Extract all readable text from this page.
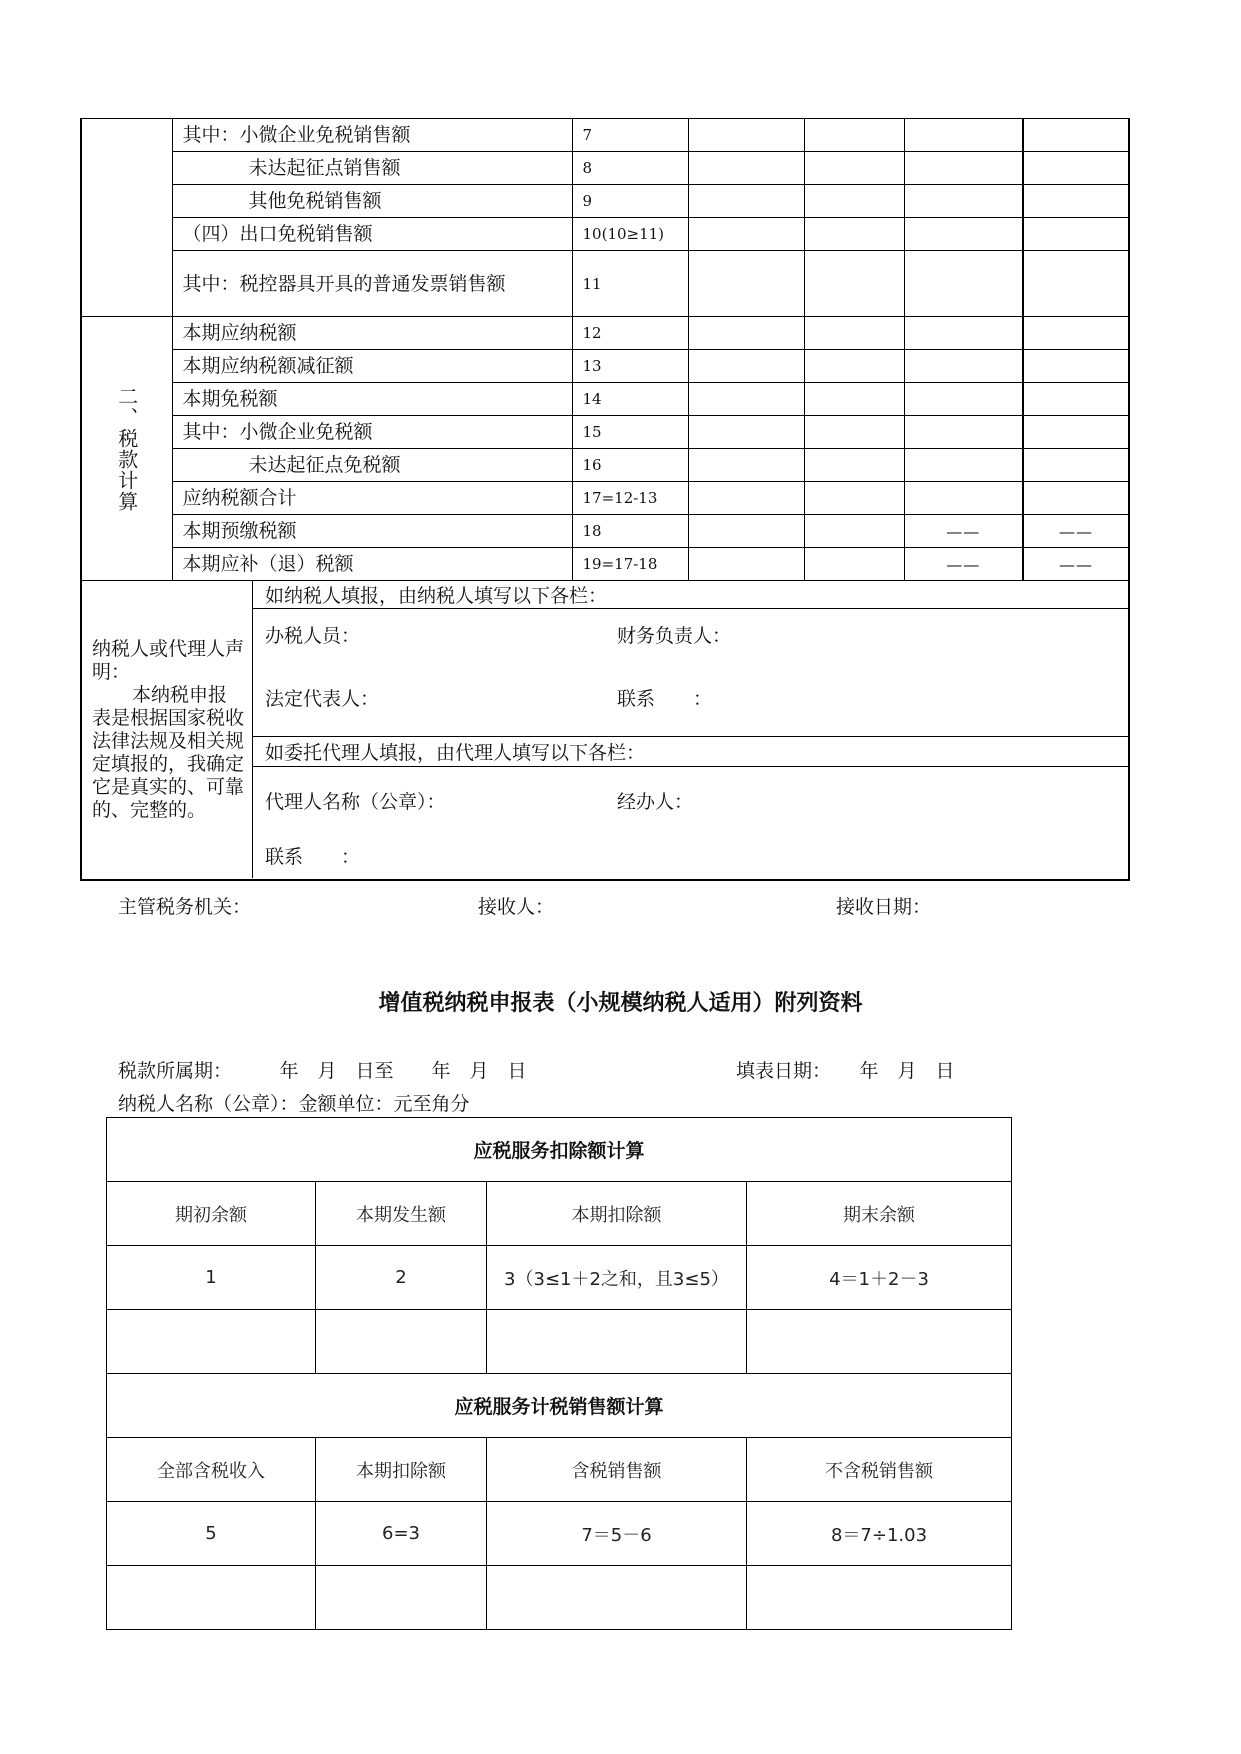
	其中：小微企业免税销售额	7				
未达起征点销售额	8				
其他免税销售额	9				
（四）出口免税销售额	10(10≥11)				

其中： 税控器具开具的普通发票销售额	11				

二、税款计算
	本期应纳税额	12				
本期应纳税额减征额	13				
本期免税额	14				
其中：小微企业免税额	15				
未达起征点免税额	16				
应纳税额合计	17=12-13				
本期预缴税额	18			——	——
本期应补（退）税额	19=17-18			——	——

纳税人或代理人声明：
本纳税申报表是根据国家税收法律法规及相关规定填报的，我确定它是真实的、可靠的、完整的。
如纳税人填报，由纳税人填写以下各栏：

办税人员：	财务负责人：

法定代表人：	联系　　：

如委托代理人填报，由代理人填写以下各栏：

代理人名称（公章）：	经办人：

联系　　：
主管税务机关：	接收人：	接收日期：
增值税纳税申报表（小规模纳税人适用）附列资料
税款所属期：　　　年　月　日至　　年　月　日	填表日期：　　年　月　日
纳税人名称（公章）：金额单位：元至角分
应税服务扣除额计算			
期初余额	本期发生额	本期扣除额	期末余额
1	2	3（3≤1＋2之和，且3≤5）	4＝1＋2－3

应税服务计税销售额计算			
全部含税收入	本期扣除额	含税销售额	不含税销售额
5	6=3	7＝5－6	8＝7÷1.03
